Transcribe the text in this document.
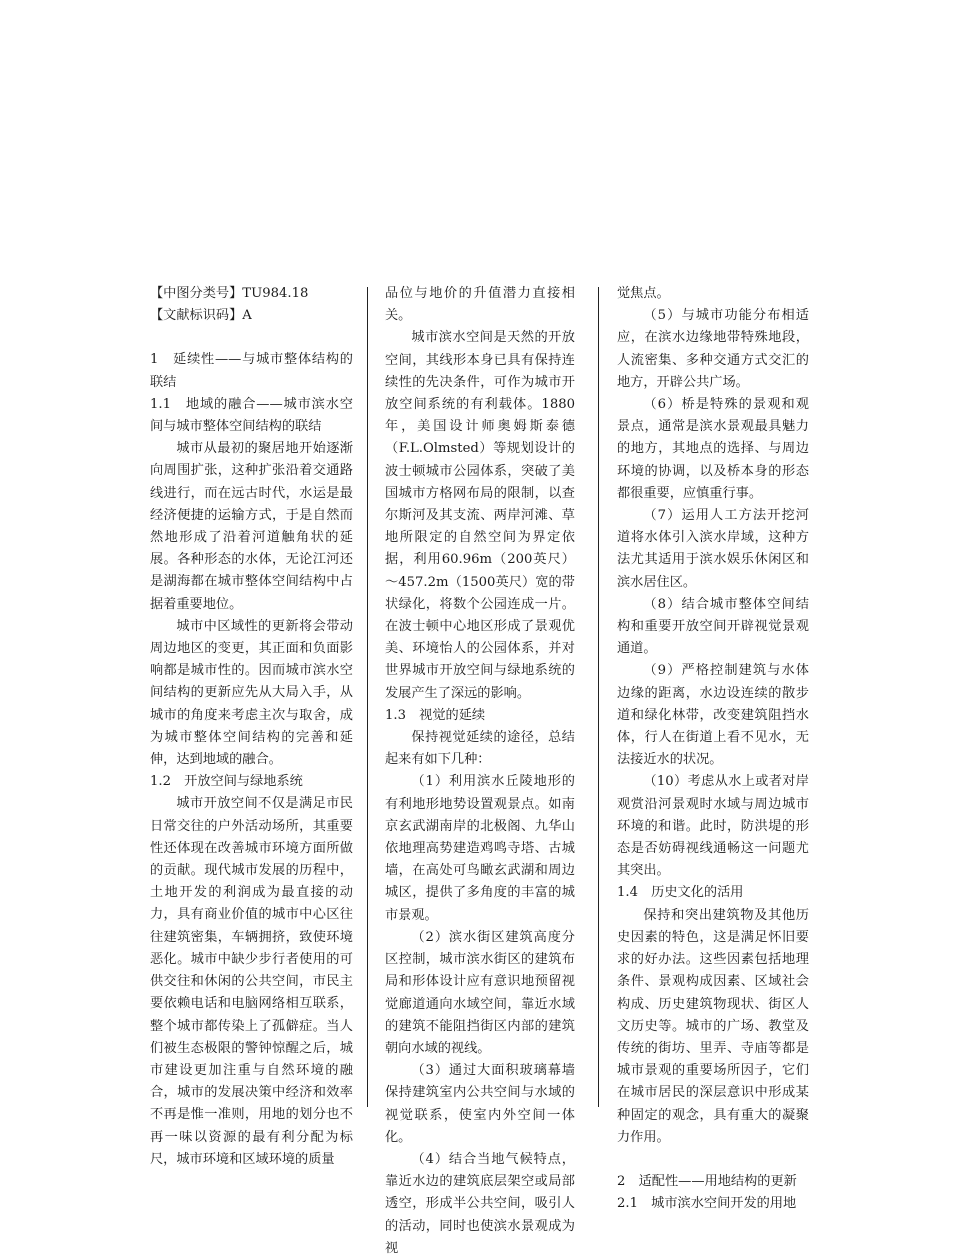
【中图分类号】TU984.18

【文献标识码】A

1　延续性——与城市整体结构的联结

1.1　地域的融合——城市滨水空间与城市整体空间结构的联结

城市从最初的聚居地开始逐渐向周围扩张，这种扩张沿着交通路线进行，而在远古时代，水运是最经济便捷的运输方式，于是自然而然地形成了沿着河道触角状的延展。各种形态的水体，无论江河还是湖海都在城市整体空间结构中占据着重要地位。

城市中区域性的更新将会带动周边地区的变更，其正面和负面影响都是城市性的。因而城市滨水空间结构的更新应先从大局入手，从城市的角度来考虑主次与取舍，成为城市整体空间结构的完善和延伸，达到地域的融合。

1.2　开放空间与绿地系统

城市开放空间不仅是满足市民日常交往的户外活动场所，其重要性还体现在改善城市环境方面所做的贡献。现代城市发展的历程中，土地开发的利润成为最直接的动力，具有商业价值的城市中心区往往建筑密集，车辆拥挤，致使环境恶化。城市中缺少步行者使用的可供交往和休闲的公共空间，市民主要依赖电话和电脑网络相互联系，整个城市都传染上了孤僻症。当人们被生态极限的警钟惊醒之后，城市建设更加注重与自然环境的融合，城市的发展决策中经济和效率不再是惟一准则，用地的划分也不再一味以资源的最有利分配为标尺，城市环境和区域环境的质量

品位与地价的升值潜力直接相关。

城市滨水空间是天然的开放空间，其线形本身已具有保持连续性的先决条件，可作为城市开放空间系统的有利载体。1880年，美国设计师奥姆斯泰德（F.L.Olmsted）等规划设计的波士顿城市公园体系，突破了美国城市方格网布局的限制，以查尔斯河及其支流、两岸河滩、草地所限定的自然空间为界定依据，利用60.96m（200英尺）～457.2m（1500英尺）宽的带状绿化，将数个公园连成一片。在波士顿中心地区形成了景观优美、环境怡人的公园体系，并对世界城市开放空间与绿地系统的发展产生了深远的影响。

1.3　视觉的延续

保持视觉延续的途径，总结起来有如下几种：

（1）利用滨水丘陵地形的有利地形地势设置观景点。如南京玄武湖南岸的北极阁、九华山依地理高势建造鸡鸣寺塔、古城墙，在高处可鸟瞰玄武湖和周边城区，提供了多角度的丰富的城市景观。

（2）滨水街区建筑高度分区控制，城市滨水街区的建筑布局和形体设计应有意识地预留视觉廊道通向水域空间，靠近水域的建筑不能阻挡街区内部的建筑朝向水域的视线。

（3）通过大面积玻璃幕墙保持建筑室内公共空间与水域的视觉联系，使室内外空间一体化。

（4）结合当地气候特点，靠近水边的建筑底层架空或局部透空，形成半公共空间，吸引人的活动，同时也使滨水景观成为视

觉焦点。

（5）与城市功能分布相适应，在滨水边缘地带特殊地段，人流密集、多种交通方式交汇的地方，开辟公共广场。

（6）桥是特殊的景观和观景点，通常是滨水景观最具魅力的地方，其地点的选择、与周边环境的协调，以及桥本身的形态都很重要，应慎重行事。

（7）运用人工方法开挖河道将水体引入滨水岸域，这种方法尤其适用于滨水娱乐休闲区和滨水居住区。

（8）结合城市整体空间结构和重要开放空间开辟视觉景观通道。

（9）严格控制建筑与水体边缘的距离，水边设连续的散步道和绿化林带，改变建筑阻挡水体，行人在街道上看不见水，无法接近水的状况。

（10）考虑从水上或者对岸观赏沿河景观时水域与周边城市环境的和谐。此时，防洪堤的形态是否妨碍视线通畅这一问题尤其突出。

1.4　历史文化的活用

保持和突出建筑物及其他历史因素的特色，这是满足怀旧要求的好办法。这些因素包括地理条件、景观构成因素、区域社会构成、历史建筑物现状、街区人文历史等。城市的广场、教堂及传统的街坊、里弄、寺庙等都是城市景观的重要场所因子，它们在城市居民的深层意识中形成某种固定的观念，具有重大的凝聚力作用。

2　适配性——用地结构的更新

2.1　城市滨水空间开发的用地
